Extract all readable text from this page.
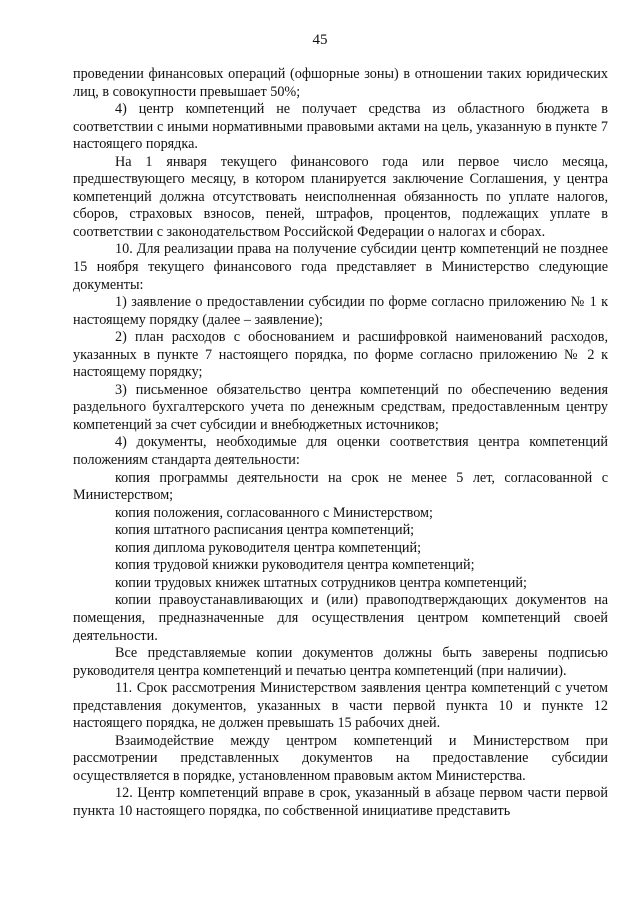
45

проведении финансовых операций (офшорные зоны) в отношении таких юридических лиц, в совокупности превышает 50%;

4) центр компетенций не получает средства из областного бюджета в соответствии с иными нормативными правовыми актами на цель, указанную в пункте 7 настоящего порядка.

На 1 января текущего финансового года или первое число месяца, предшествующего месяцу, в котором планируется заключение Соглашения, у центра компетенций должна отсутствовать неисполненная обязанность по уплате налогов, сборов, страховых взносов, пеней, штрафов, процентов, подлежащих уплате в соответствии с законодательством Российской Федерации о налогах и сборах.

10. Для реализации права на получение субсидии центр компетенций не позднее 15 ноября текущего финансового года представляет в Министерство следующие документы:

1) заявление о предоставлении субсидии по форме согласно приложению № 1 к настоящему порядку (далее – заявление);

2) план расходов с обоснованием и расшифровкой наименований расходов, указанных в пункте 7 настоящего порядка, по форме согласно приложению № 2 к настоящему порядку;

3) письменное обязательство центра компетенций по обеспечению ведения раздельного бухгалтерского учета по денежным средствам, предоставленным центру компетенций за счет субсидии и внебюджетных источников;

4) документы, необходимые для оценки соответствия центра компетенций положениям стандарта деятельности:

копия программы деятельности на срок не менее 5 лет, согласованной с Министерством;

копия положения, согласованного с Министерством;

копия штатного расписания центра компетенций;

копия диплома руководителя центра компетенций;

копия трудовой книжки руководителя центра компетенций;

копии трудовых книжек штатных сотрудников центра компетенций;

копии правоустанавливающих и (или) правоподтверждающих документов на помещения, предназначенные для осуществления центром компетенций своей деятельности.

Все представляемые копии документов должны быть заверены подписью руководителя центра компетенций и печатью центра компетенций (при наличии).

11. Срок рассмотрения Министерством заявления центра компетенций с учетом представления документов, указанных в части первой пункта 10 и пункте 12 настоящего порядка, не должен превышать 15 рабочих дней.

Взаимодействие между центром компетенций и Министерством при рассмотрении представленных документов на предоставление субсидии осуществляется в порядке, установленном правовым актом Министерства.

12. Центр компетенций вправе в срок, указанный в абзаце первом части первой пункта 10 настоящего порядка, по собственной инициативе представить
